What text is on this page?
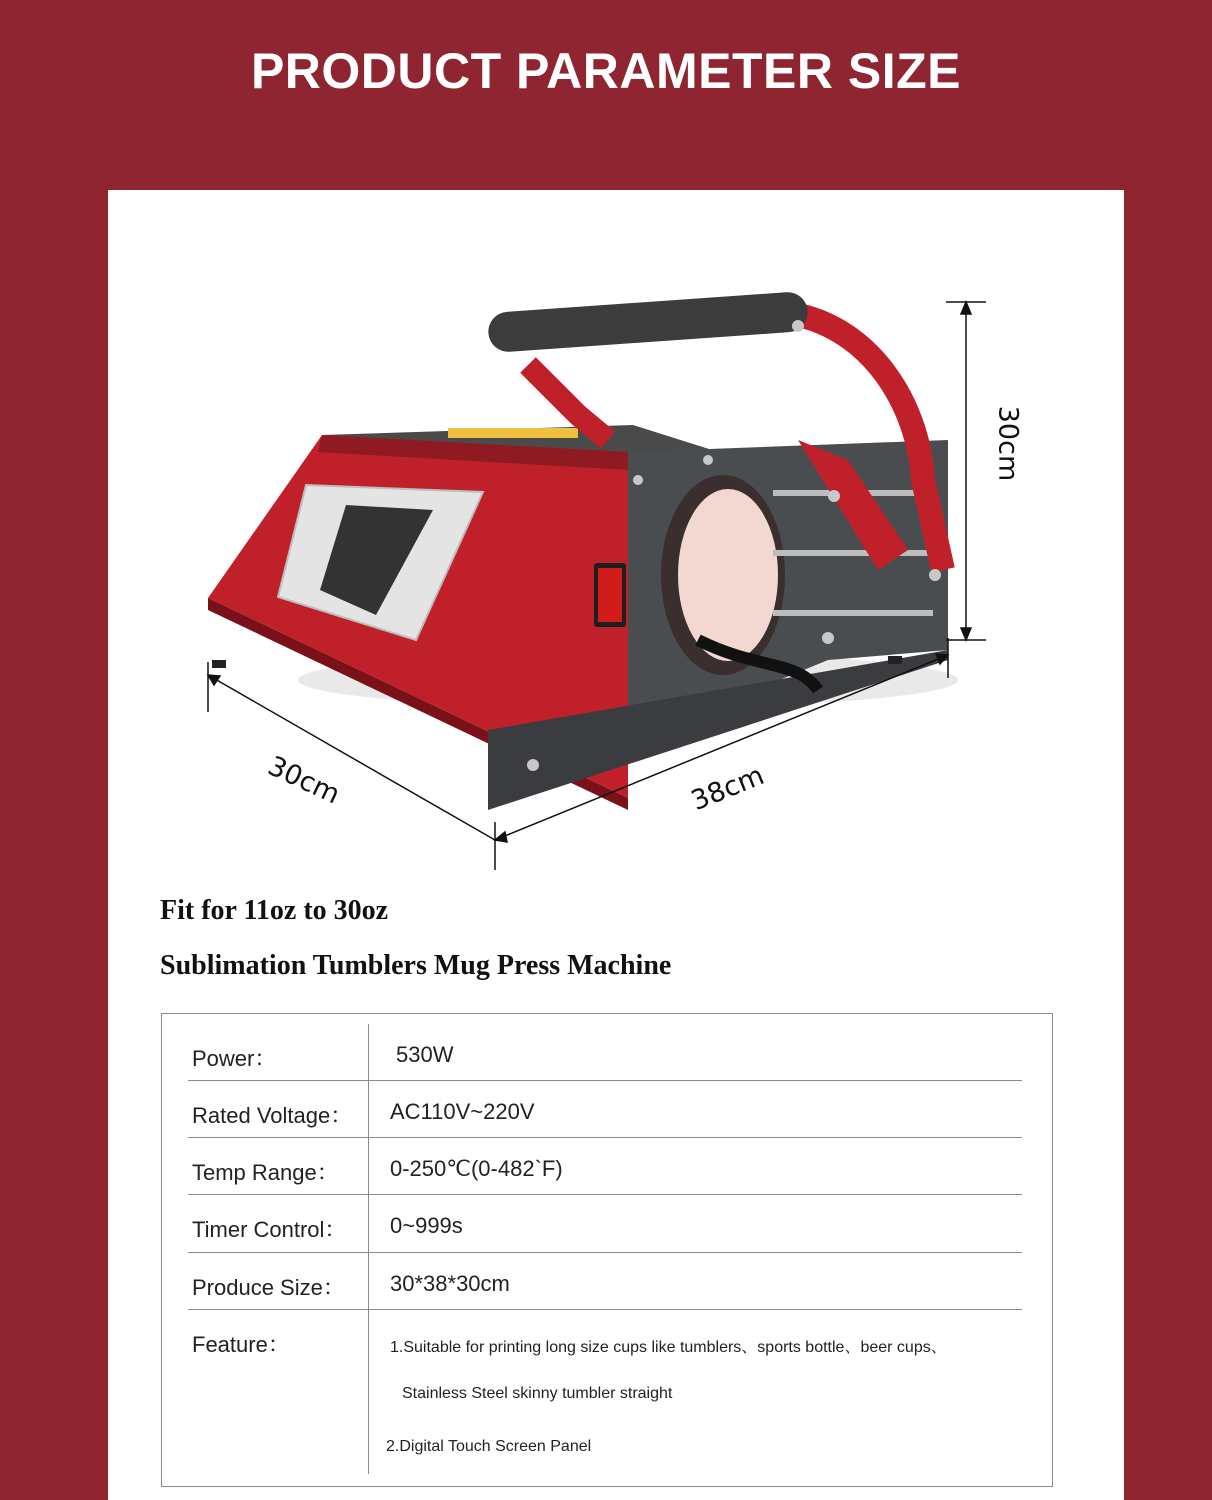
PRODUCT PARAMETER SIZE
30cm	38cm
30cm
Fit for 11oz to 30oz
Sublimation Tumblers Mug Press Machine
Power：	530W
Rated Voltage： AC110V~220V
Temp Range： 0-250℃(0-482`F)
Timer Control： 0~999s
Produce Size： 30*38*30cm
Feature：	1.Suitable for printing long size cups like tumblers、sports bottle、beer cups、
Stainless Steel skinny tumbler straight
2.Digital Touch Screen Panel
